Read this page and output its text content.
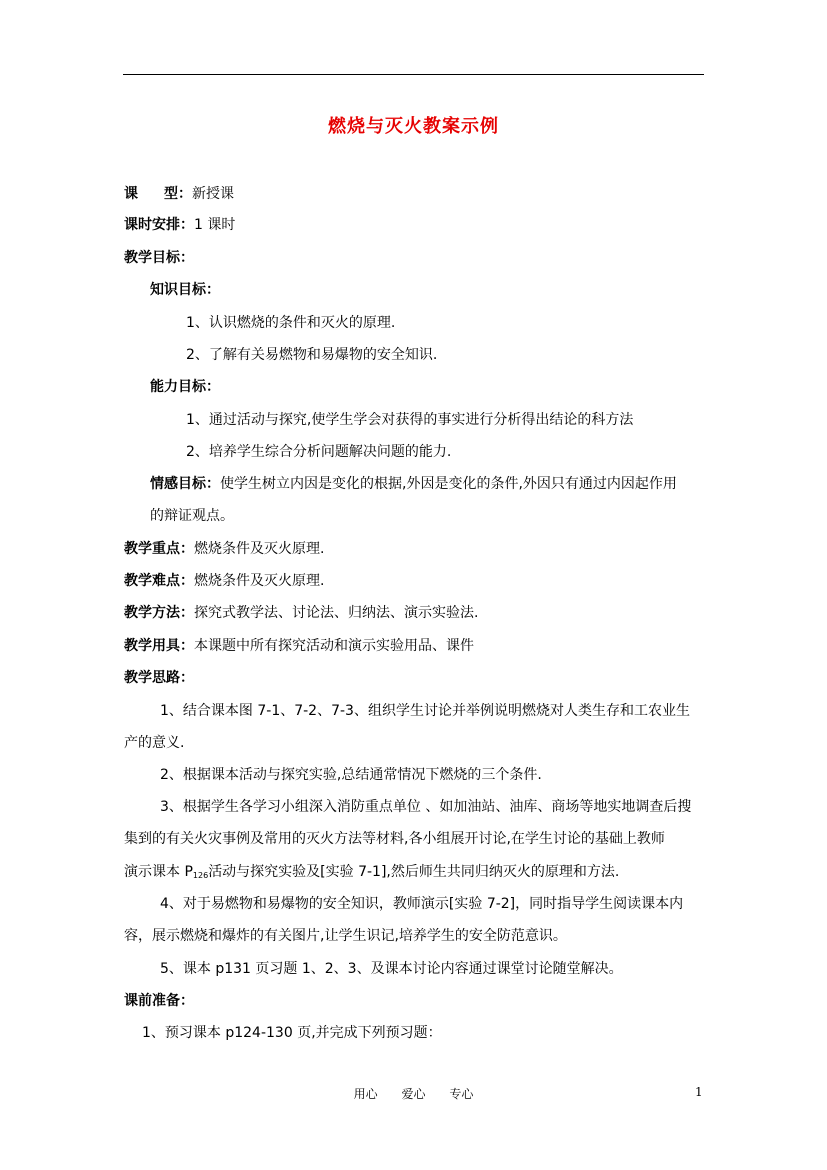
燃烧与灭火教案示例
课型：新授课
课时安排：1 课时
教学目标：
知识目标：
1、认识燃烧的条件和灭火的原理.
2、了解有关易燃物和易爆物的安全知识.
能力目标：
1、通过活动与探究,使学生学会对获得的事实进行分析得出结论的科方法
2、培养学生综合分析问题解决问题的能力.
情感目标：使学生树立内因是变化的根据,外因是变化的条件,外因只有通过内因起作用
的辩证观点。
教学重点：燃烧条件及灭火原理.
教学难点：燃烧条件及灭火原理.
教学方法：探究式教学法、讨论法、归纳法、演示实验法.
教学用具：本课题中所有探究活动和演示实验用品、课件
教学思路：
1、结合课本图 7-1、7-2、7-3、组织学生讨论并举例说明燃烧对人类生存和工农业生
产的意义.
2、根据课本活动与探究实验,总结通常情况下燃烧的三个条件.
3、根据学生各学习小组深入消防重点单位 、如加油站、油库、商场等地实地调查后搜
集到的有关火灾事例及常用的灭火方法等材料,各小组展开讨论,在学生讨论的基础上教师
演示课本 $P_{126}$活动与探究实验及[实验 7-1],然后师生共同归纳灭火的原理和方法.
4、对于易燃物和易爆物的安全知识，教师演示[实验 7-2]，同时指导学生阅读课本内
容，展示燃烧和爆炸的有关图片,让学生识记,培养学生的安全防范意识。
5、课本 p131 页习题 1、2、3、及课本讨论内容通过课堂讨论随堂解决。
课前准备：
1、预习课本 p124-130 页,并完成下列预习题：
用心 爱心 专心	1
